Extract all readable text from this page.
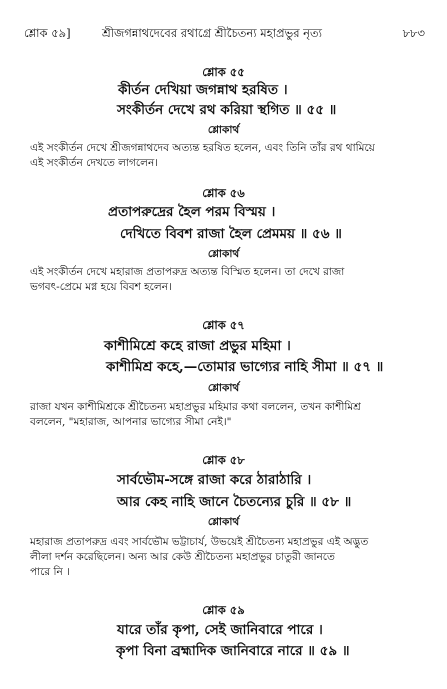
শ্লোক ৫৯]	শ্রীজগন্নাথদেবের রথাগ্রে শ্রীচৈতন্য মহাপ্রভুর নৃত্য	৮৮৩
শ্লোক ৫৫
কীর্তন দেখিয়া জগন্নাথ হরষিত ।
সংকীর্তন দেখে রথ করিয়া স্থগিত ॥ ৫৫ ॥
শ্লোকার্থ
এই সংকীর্তন দেখে শ্রীজগন্নাথদেব অত্যন্ত হরষিত হলেন, এবং তিনি তাঁর রথ থামিয়ে
এই সংকীর্তন দেখতে লাগলেন।
শ্লোক ৫৬
প্রতাপরুদ্রের হৈল পরম বিস্ময় ।
দেখিতে বিবশ রাজা হৈল প্রেমময় ॥ ৫৬ ॥
শ্লোকার্থ
এই সংকীর্তন দেখে মহারাজ প্রতাপরুদ্র অত্যন্ত বিস্মিত হলেন। তা দেখে রাজা
ভগবৎ-প্রেমে মগ্ন হয়ে বিবশ হলেন।
শ্লোক ৫৭
কাশীমিশ্রে কহে রাজা প্রভুর মহিমা ।
কাশীমিশ্র কহে,—তোমার ভাগ্যের নাহি সীমা ॥ ৫৭ ॥
শ্লোকার্থ
রাজা যখন কাশীমিশ্রকে শ্রীচৈতন্য মহাপ্রভুর মহিমার কথা বললেন, তখন কাশীমিশ্র
বললেন, "মহারাজ, আপনার ভাগ্যের সীমা নেই।"
শ্লোক ৫৮
সার্বভৌম-সঙ্গে রাজা করে ঠারাঠারি ।
আর কেহ নাহি জানে চৈতন্যের চুরি ॥ ৫৮ ॥
শ্লোকার্থ
মহারাজ প্রতাপরুদ্র এবং সার্বভৌম ভট্টাচার্য, উভয়েই শ্রীচৈতন্য মহাপ্রভুর এই অদ্ভুত
লীলা দর্শন করেছিলেন। অন্য আর কেউ শ্রীচৈতন্য মহাপ্রভুর চাতুরী জানতে
পারে নি ।
শ্লোক ৫৯
যারে তাঁর কৃপা, সেই জানিবারে পারে ।
কৃপা বিনা ব্রহ্মাদিক জানিবারে নারে ॥ ৫৯ ॥
